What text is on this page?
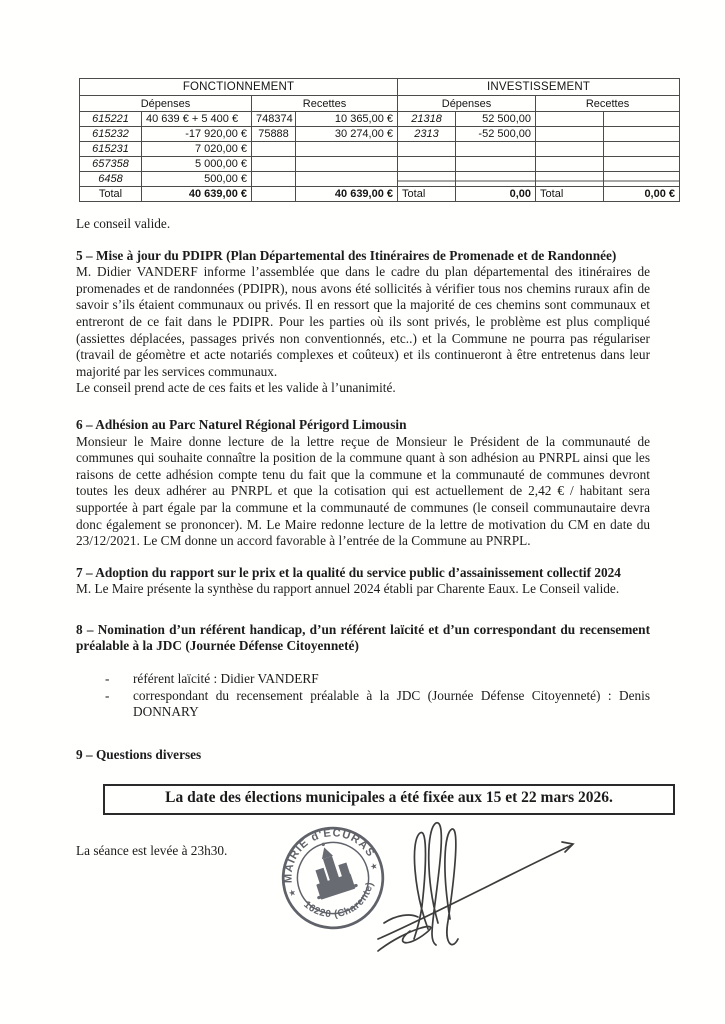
FONCTIONNEMENT				INVESTISSEMENT			
Dépenses		Recettes		Dépenses		Recettes	
615221	40 639 € + 5 400 €	748374	10 365,00 €	21318	52 500,00		
615232	-17 920,00 €	75888	30 274,00 €	2313	-52 500,00		
615231	7 020,00 €						
657358	5 000,00 €						
6458	500,00 €						
Total	40 639,00 €		40 639,00 €	Total	0,00	Total	0,00 €

Le conseil valide.

5 – Mise à jour du PDIPR (Plan Départemental des Itinéraires de Promenade et de Randonnée)

M. Didier VANDERF informe l’assemblée que dans le cadre du plan départemental des itinéraires de promenades et de randonnées (PDIPR), nous avons été sollicités à vérifier tous nos chemins ruraux afin de savoir s’ils étaient communaux ou privés. Il en ressort que la majorité de ces chemins sont communaux et entreront de ce fait dans le PDIPR. Pour les parties où ils sont privés, le problème est plus compliqué (assiettes déplacées, passages privés non conventionnés, etc..) et la Commune ne pourra pas régulariser (travail de géomètre et acte notariés complexes et coûteux) et ils continueront à être entretenus dans leur majorité par les services communaux.

Le conseil prend acte de ces faits et les valide à l’unanimité.

6 – Adhésion au Parc Naturel Régional Périgord Limousin

Monsieur le Maire donne lecture de la lettre reçue de Monsieur le Président de la communauté de communes qui souhaite connaître la position de la commune quant à son adhésion au PNRPL ainsi que les raisons de cette adhésion compte tenu du fait que la commune et la communauté de communes devront toutes les deux adhérer au PNRPL et que la cotisation qui est actuellement de 2,42 € / habitant sera supportée à part égale par la commune et la communauté de communes (le conseil communautaire devra donc également se prononcer). M. Le Maire redonne lecture de la lettre de motivation du CM en date du 23/12/2021. Le CM donne un accord favorable à l’entrée de la Commune au PNRPL.

7 – Adoption du rapport sur le prix et la qualité du service public d’assainissement collectif 2024

M. Le Maire présente la synthèse du rapport annuel 2024 établi par Charente Eaux. Le Conseil valide.

8 – Nomination d’un référent handicap, d’un référent laïcité et d’un correspondant du recensement préalable à la JDC (Journée Défense Citoyenneté)

-	référent laïcité : Didier VANDERF
-	correspondant du recensement préalable à la JDC (Journée Défense Citoyenneté) : Denis DONNARY

9 – Questions diverses

La date des élections municipales a été fixée aux 15 et 22 mars 2026.

La séance est levée à 23h30.

MAIRIE d'ECURAS
16220 (Charente)
★
★
